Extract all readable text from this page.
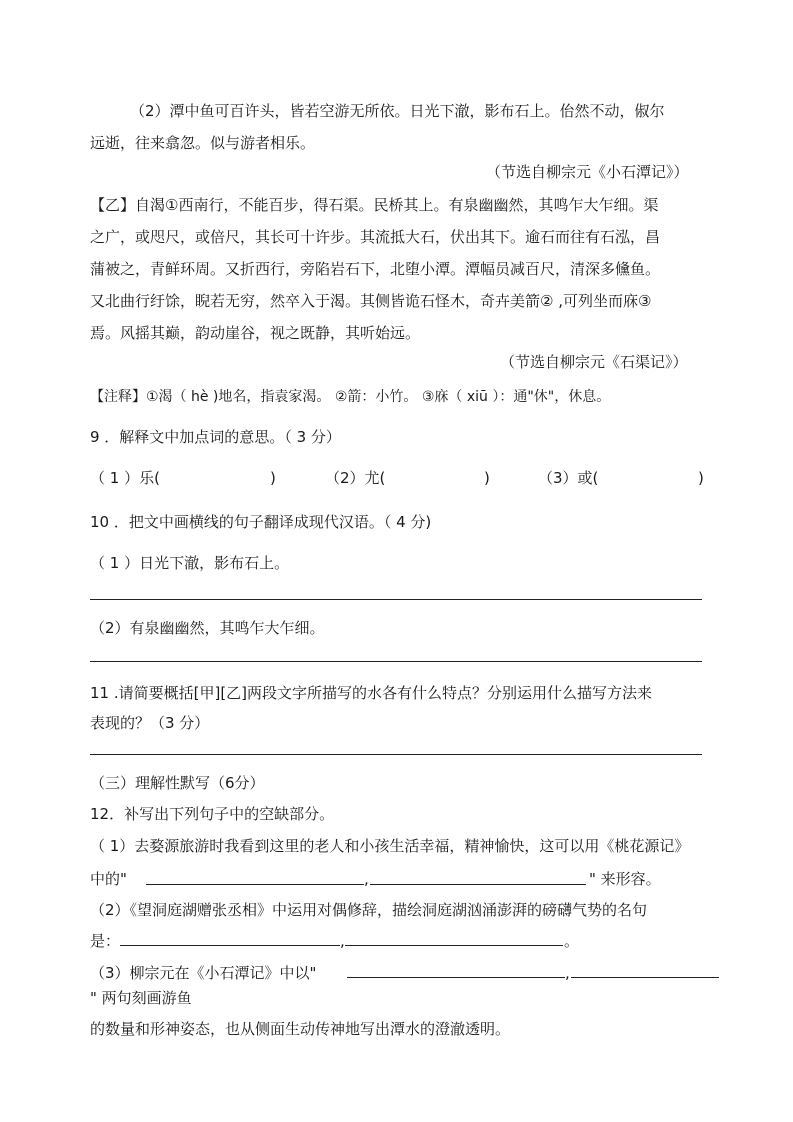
（2）潭中鱼可百许头，皆若空游无所依。日光下澈，影布石上。佁然不动，俶尔
远逝，往来翕忽。似与游者相乐。
（节选自柳宗元《小石潭记》）
【乙】自渴①西南行，不能百步，得石渠。民桥其上。有泉幽幽然，其鸣乍大乍细。渠
之广，或咫尺，或倍尺，其长可十许步。其流抵大石，伏出其下。逾石而往有石泓，昌
蒲被之，青鲜环周。又折西行，旁陷岩石下，北堕小潭。潭幅员减百尺，清深多儵鱼。
又北曲行纡馀，睨若无穷，然卒入于渴。其侧皆诡石怪木，奇卉美箭② ,可列坐而庥③
焉。风摇其巅，韵动崖谷，视之既静，其听始远。
（节选自柳宗元《石渠记》）
【注释】①渴（ hè )地名，指袁家渴。 ②箭：小竹。 ③庥（ xiū ）：通"休"，休息。
9 ．解释文中加点词的意思。（ 3 分）
（ 1 ）乐(	)	（2）尤(	)	（3）或(	)
10 ．把文中画横线的句子翻译成现代汉语。（ 4 分)
（ 1 ）日光下澈，影布石上。
（2）有泉幽幽然，其鸣乍大乍细。
11 .请简要概括[甲][乙]两段文字所描写的水各有什么特点？分别运用什么描写方法来
表现的？（3 分）
（三）理解性默写（6分）
12．补写出下列句子中的空缺部分。
（ 1）去婺源旅游时我看到这里的老人和小孩生活幸福，精神愉快，这可以用《桃花源记》
中的"	,	" 来形容。
（2）《望洞庭湖赠张丞相》中运用对偶修辞，描绘洞庭湖汹涌澎湃的磅礴气势的名句
是：	,	。
（3）柳宗元在《小石潭记》中以"	,
" 两句刻画游鱼
的数量和形神姿态，也从侧面生动传神地写出潭水的澄澈透明。
